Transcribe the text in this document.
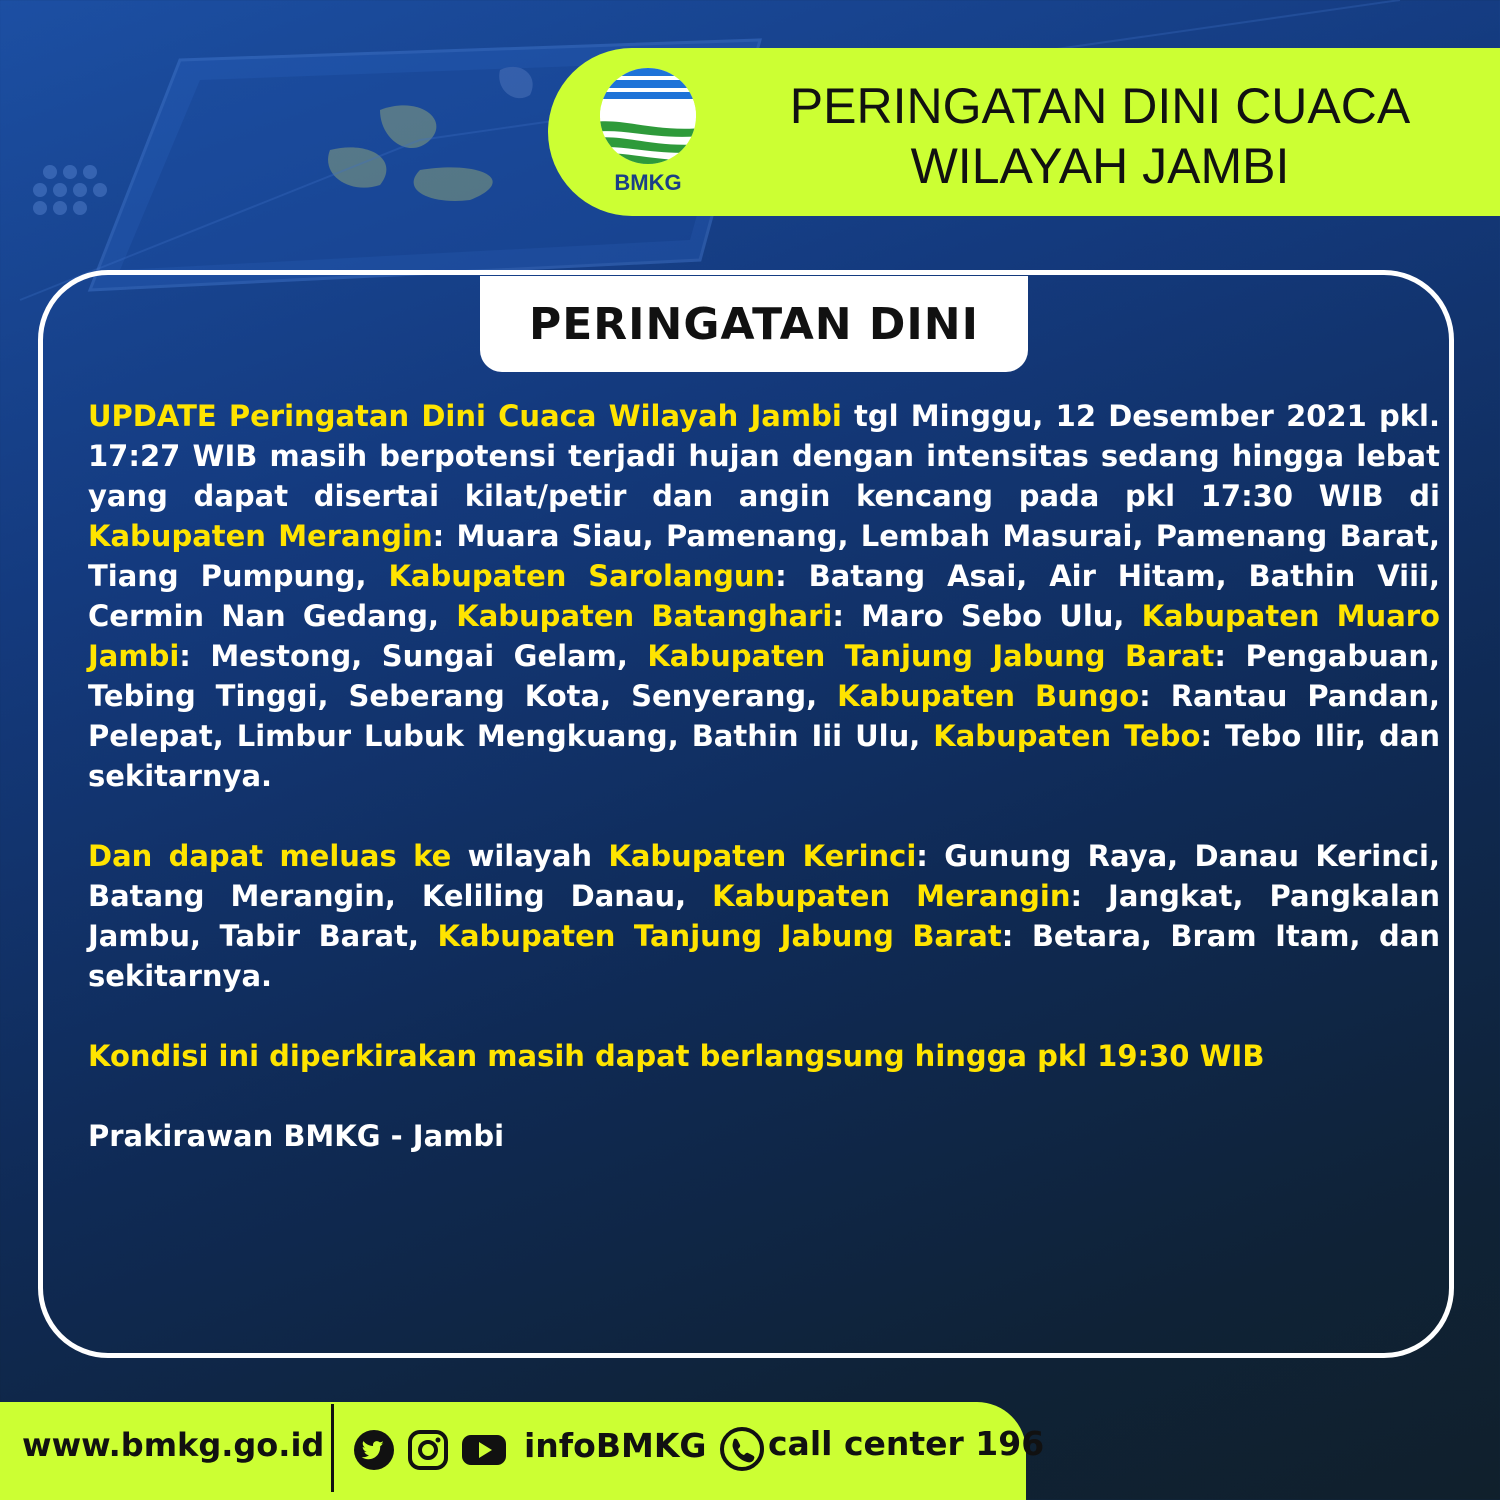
BMKG
PERINGATAN DINI CUACA
WILAYAH JAMBI
PERINGATAN DINI

UPDATE Peringatan Dini Cuaca Wilayah Jambi tgl Minggu, 12 Desember 2021 pkl. 17:27 WIB masih berpotensi terjadi hujan dengan intensitas sedang hingga lebat yang dapat disertai kilat/petir dan angin kencang pada pkl 17:30 WIB di Kabupaten Merangin: Muara Siau, Pamenang, Lembah Masurai, Pamenang Barat, Tiang Pumpung, Kabupaten Sarolangun: Batang Asai, Air Hitam, Bathin Viii, Cermin Nan Gedang, Kabupaten Batanghari: Maro Sebo Ulu, Kabupaten Muaro Jambi: Mestong, Sungai Gelam, Kabupaten Tanjung Jabung Barat: Pengabuan, Tebing Tinggi, Seberang Kota, Senyerang, Kabupaten Bungo: Rantau Pandan, Pelepat, Limbur Lubuk Mengkuang, Bathin Iii Ulu, Kabupaten Tebo: Tebo Ilir, dan sekitarnya.

Dan dapat meluas ke wilayah Kabupaten Kerinci: Gunung Raya, Danau Kerinci, Batang Merangin, Keliling Danau, Kabupaten Merangin: Jangkat, Pangkalan Jambu, Tabir Barat, Kabupaten Tanjung Jabung Barat: Betara, Bram Itam, dan sekitarnya.

Kondisi ini diperkirakan masih dapat berlangsung hingga pkl 19:30 WIB

Prakirawan BMKG - Jambi

www.bmkg.go.id	infoBMKG call center 196
